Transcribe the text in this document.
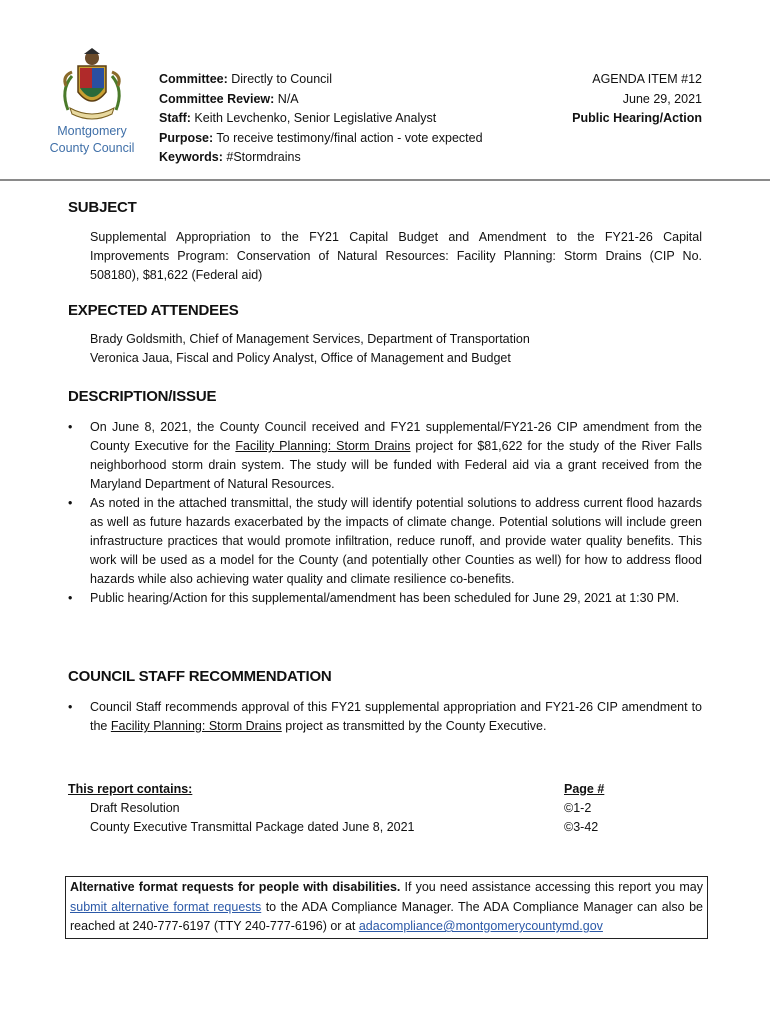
Montgomery
County Council
Committee: Directly to Council
Committee Review: N/A
Staff: Keith Levchenko, Senior Legislative Analyst
Purpose: To receive testimony/final action - vote expected
Keywords: #Stormdrains
AGENDA ITEM #12
June 29, 2021
Public Hearing/Action
SUBJECT

Supplemental Appropriation to the FY21 Capital Budget and Amendment to the FY21-26 Capital Improvements Program: Conservation of Natural Resources: Facility Planning: Storm Drains (CIP No. 508180), $81,622 (Federal aid)

EXPECTED ATTENDEES
Brady Goldsmith, Chief of Management Services, Department of Transportation
Veronica Jaua, Fiscal and Policy Analyst, Office of Management and Budget
DESCRIPTION/ISSUE
• On June 8, 2021, the County Council received and FY21 supplemental/FY21-26 CIP amendment from the County Executive for the Facility Planning: Storm Drains project for $81,622 for the study of the River Falls neighborhood storm drain system. The study will be funded with Federal aid via a grant received from the Maryland Department of Natural Resources.
• As noted in the attached transmittal, the study will identify potential solutions to address current flood hazards as well as future hazards exacerbated by the impacts of climate change. Potential solutions will include green infrastructure practices that would promote infiltration, reduce runoff, and provide water quality benefits. This work will be used as a model for the County (and potentially other Counties as well) for how to address flood hazards while also achieving water quality and climate resilience co-benefits.
• Public hearing/Action for this supplemental/amendment has been scheduled for June 29, 2021 at 1:30 PM.
COUNCIL STAFF RECOMMENDATION
• Council Staff recommends approval of this FY21 supplemental appropriation and FY21-26 CIP amendment to the Facility Planning: Storm Drains project as transmitted by the County Executive.
This report contains:	Page #
Draft Resolution	©1-2
County Executive Transmittal Package dated June 8, 2021	©3-42
Alternative format requests for people with disabilities. If you need assistance accessing this report you may submit alternative format requests to the ADA Compliance Manager. The ADA Compliance Manager can also be reached at 240-777-6197 (TTY 240-777-6196) or at adacompliance@montgomerycountymd.gov
